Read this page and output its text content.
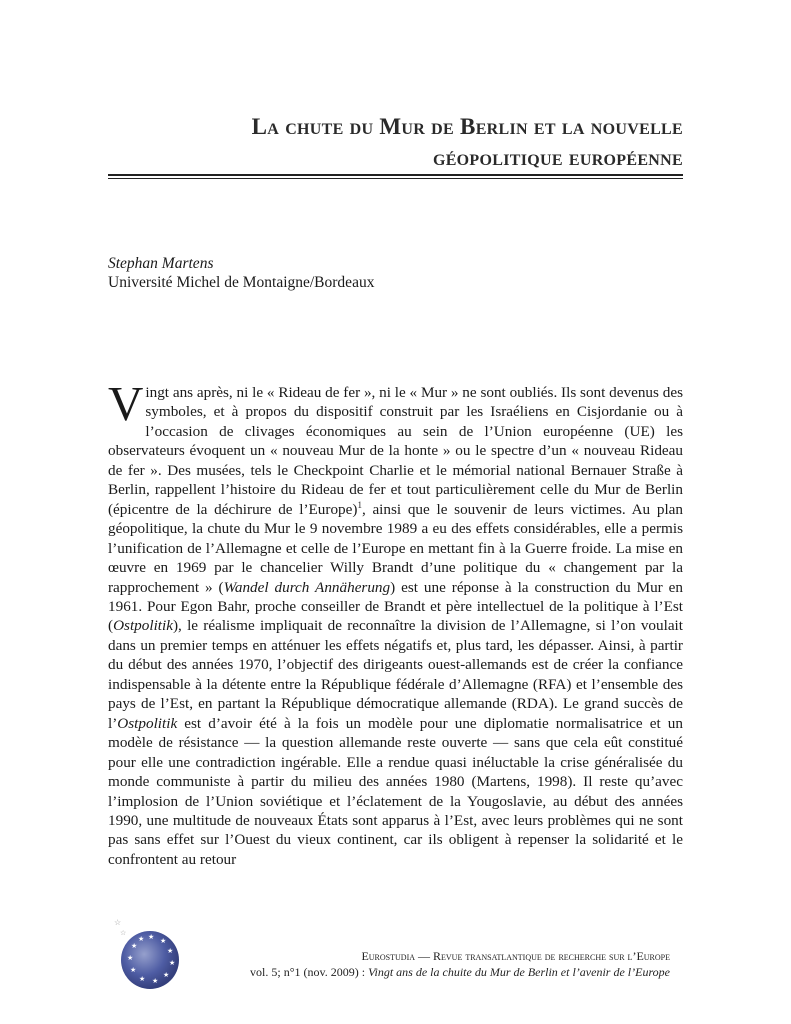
La chute du Mur de Berlin et la nouvelle
géopolitique européenne
Stephan Martens
Université Michel de Montaigne/Bordeaux
Vingt ans après, ni le « Rideau de fer », ni le « Mur » ne sont oubliés. Ils sont devenus des symboles, et à propos du dispositif construit par les Israéliens en Cisjordanie ou à l’occasion de clivages économiques au sein de l’Union européenne (UE) les observateurs évoquent un « nouveau Mur de la honte » ou le spectre d’un « nouveau Rideau de fer ». Des musées, tels le Checkpoint Charlie et le mémorial national Bernauer Straße à Berlin, rappellent l’histoire du Rideau de fer et tout particulièrement celle du Mur de Berlin (épicentre de la déchirure de l’Europe)$^1$, ainsi que le souvenir de leurs victimes. Au plan géopolitique, la chute du Mur le 9 novembre 1989 a eu des effets considérables, elle a permis l’unification de l’Allemagne et celle de l’Europe en mettant fin à la Guerre froide. La mise en œuvre en 1969 par le chancelier Willy Brandt d’une politique du « changement par la rapprochement » (Wandel durch Annäherung) est une réponse à la construction du Mur en 1961. Pour Egon Bahr, proche conseiller de Brandt et père intellectuel de la politique à l’Est (Ostpolitik), le réalisme impliquait de reconnaître la division de l’Allemagne, si l’on voulait dans un premier temps en atténuer les effets négatifs et, plus tard, les dépasser. Ainsi, à partir du début des années 1970, l’objectif des dirigeants ouest-allemands est de créer la confiance indispensable à la détente entre la République fédérale d’Allemagne (RFA) et l’ensemble des pays de l’Est, en partant la République démocratique allemande (RDA). Le grand succès de l’Ostpolitik est d’avoir été à la fois un modèle pour une diplomatie normalisatrice et un modèle de résistance — la question allemande reste ouverte — sans que cela eût constitué pour elle une contradiction ingérable. Elle a rendue quasi inéluctable la crise généralisée du monde communiste à partir du milieu des années 1980 (Martens, 1998). Il reste qu’avec l’implosion de l’Union soviétique et l’éclatement de la Yougoslavie, au début des années 1990, une multitude de nouveaux États sont apparus à l’Est, avec leurs problèmes qui ne sont pas sans effet sur l’Ouest du vieux continent, car ils obligent à repenser la solidarité et le confrontent au retour
★ ★
★
★
★
★
★
★
★
★
★
☆
☆
Eurostudia — Revue transatlantique de recherche sur l’Europe
vol. 5; n°1 (nov. 2009) : Vingt ans de la chuite du Mur de Berlin et l’avenir de l’Europe
